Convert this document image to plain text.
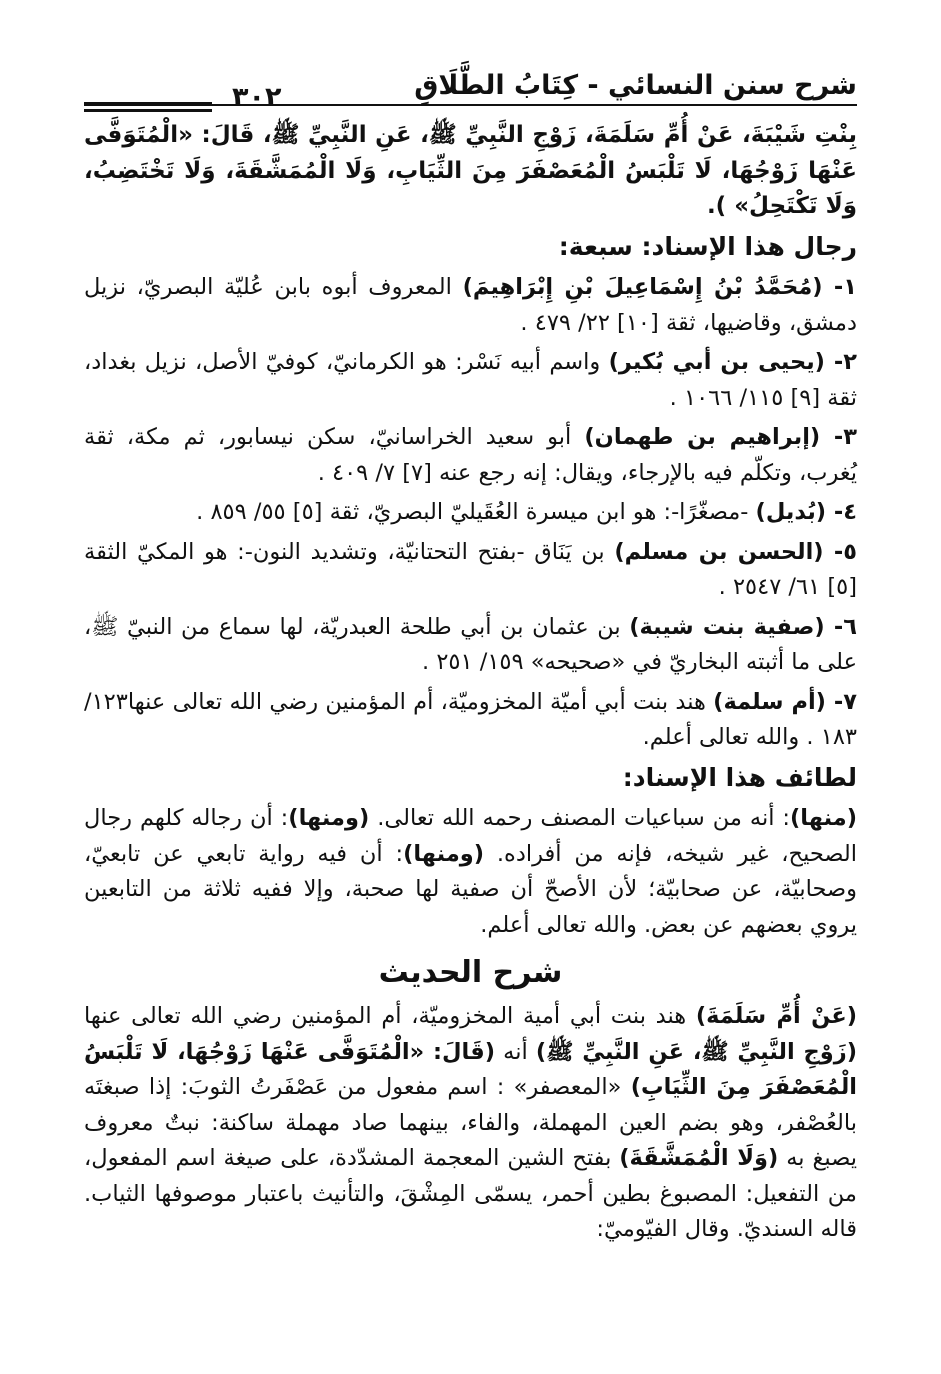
شرح سنن النسائي - كِتَابُ الطَّلَاقِ
٣٠٢

بِنْتِ شَيْبَةَ، عَنْ أُمِّ سَلَمَةَ، زَوْجِ النَّبِيِّ ﷺ، عَنِ النَّبِيِّ ﷺ، قَالَ: «الْمُتَوَفَّى عَنْهَا زَوْجُهَا، لَا تَلْبَسُ الْمُعَصْفَرَ مِنَ الثِّيَابِ، وَلَا الْمُمَشَّقَةَ، وَلَا تَخْتَضِبُ، وَلَا تَكْتَحِلُ» ).

رجال هذا الإسناد: سبعة:

١- (مُحَمَّدُ بْنُ إِسْمَاعِيلَ بْنِ إِبْرَاهِيمَ) المعروف أبوه بابن عُليّة البصريّ، نزيل دمشق، وقاضيها، ثقة [١٠] ٢٢/ ٤٧٩ .

٢- (يحيى بن أبي بُكير) واسم أبيه نَسْر: هو الكرمانيّ، كوفيّ الأصل، نزيل بغداد، ثقة [٩] ١١٥/ ١٠٦٦ .

٣- (إبراهيم بن طهمان) أبو سعيد الخراسانيّ، سكن نيسابور، ثم مكة، ثقة يُغرب، وتكلّم فيه بالإرجاء، ويقال: إنه رجع عنه [٧] ٧/ ٤٠٩ .

٤- (بُديل) -مصغّرًا-: هو ابن ميسرة العُقَيليّ البصريّ، ثقة [٥] ٥٥/ ٨٥٩ .

٥- (الحسن بن مسلم) بن يَنَاق -بفتح التحتانيّة، وتشديد النون-: هو المكيّ الثقة [٥] ٦١/ ٢٥٤٧ .

٦- (صفية بنت شيبة) بن عثمان بن أبي طلحة العبدريّة، لها سماع من النبيّ ﷺ، على ما أثبته البخاريّ في «صحيحه» ١٥٩/ ٢٥١ .

٧- (أم سلمة) هند بنت أبي أميّة المخزوميّة، أم المؤمنين رضي الله تعالى عنها١٢٣/ ١٨٣ . والله تعالى أعلم.

لطائف هذا الإسناد:

(منها): أنه من سباعيات المصنف رحمه الله تعالى. (ومنها): أن رجاله كلهم رجال الصحيح، غير شيخه، فإنه من أفراده. (ومنها): أن فيه رواية تابعي عن تابعيّ، وصحابيّة، عن صحابيّة؛ لأن الأصحّ أن صفية لها صحبة، وإلا ففيه ثلاثة من التابعين يروي بعضهم عن بعض. والله تعالى أعلم.

شرح الحديث

(عَنْ أُمِّ سَلَمَةَ) هند بنت أبي أمية المخزوميّة، أم المؤمنين رضي الله تعالى عنها (زَوْجِ النَّبِيِّ ﷺ، عَنِ النَّبِيِّ ﷺ) أنه (قَالَ: «الْمُتَوَفَّى عَنْهَا زَوْجُهَا، لَا تَلْبَسُ الْمُعَصْفَرَ مِنَ الثِّيَابِ) «المعصفر» : اسم مفعول من عَصْفَرتُ الثوبَ: إذا صبغتَه بالعُصْفر، وهو بضم العين المهملة، والفاء، بينهما صاد مهملة ساكنة: نبتٌ معروف يصبغ به (وَلَا الْمُمَشَّقَةَ) بفتح الشين المعجمة المشدّدة، على صيغة اسم المفعول، من التفعيل: المصبوغ بطين أحمر، يسمّى المِشْقَ، والتأنيث باعتبار موصوفها الثياب. قاله السنديّ. وقال الفيّوميّ:
